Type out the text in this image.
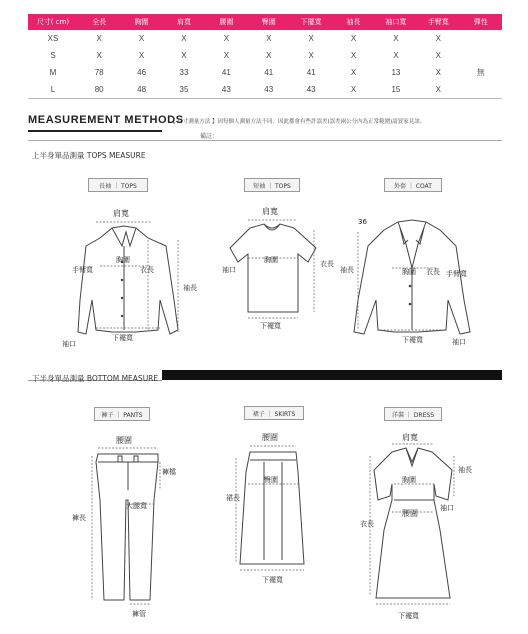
尺寸( cm)	全長	胸圍	肩寬	腰圍	臀圍	下擺寬	袖長	袖口寬	手臂寬	彈性
XS	X	X	X	X	X	X	X	X	X	
S	X	X	X	X	X	X	X	X	X	
M	78	46	33	41	41	41	X	13	X	無
L	80	48	35	43	43	43	X	15	X	
MEASUREMENT METHODS
【 尺寸測量方法 】因每個人測量方法不同，因此都會有些許誤差(誤差兩公分內為正常範圍)請買家見諒。
備註：
上半身單品測量 TOPS MEASURE
長袖 ｜ TOPS	短袖 ｜ TOPS	外套 ｜ COAT
下半身單品測量 BOTTOM MEASURE
褲子 ｜ PANTS	裙子 ｜ SKIRTS	洋裝 ｜ DRESS
肩寬
胸圍
衣長
袖長
手臂寬
下襬寬
袖口
肩寬
胸圍	衣長
袖口
下襬寬
36
胸圍 衣長
袖長	手臂寬
下襬寬	袖口
腰圍
褲檔
大腿寬
褲長
褲管
腰圍
臀圍
裙長
下襬寬
肩寬
袖長
胸圍
袖口
腰圍
衣長
下襬寬
